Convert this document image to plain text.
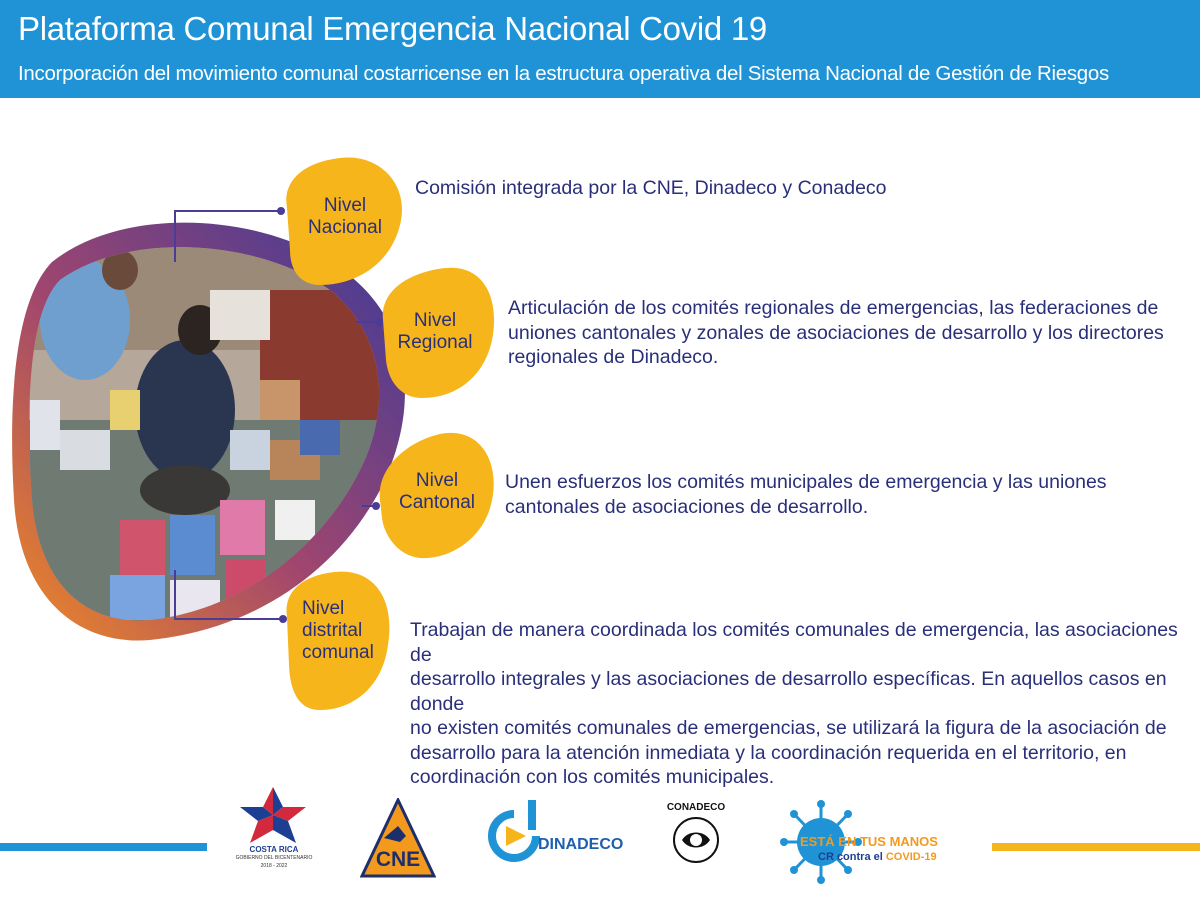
Plataforma Comunal Emergencia Nacional Covid 19
Incorporación del movimiento comunal costarricense en la estructura operativa del Sistema Nacional de Gestión de Riesgos
Nivel
Nacional
Nivel
Regional
Nivel
Cantonal
Nivel
distrital
comunal
Comisión integrada por la CNE, Dinadeco y Conadeco
Articulación de los comités regionales de emergencias, las federaciones de
uniones cantonales y zonales de asociaciones de desarrollo y los directores
regionales de Dinadeco.
Unen esfuerzos los comités municipales de emergencia y las uniones
cantonales de asociaciones de desarrollo.
Trabajan de manera coordinada los comités comunales de emergencia, las asociaciones de
desarrollo integrales y las asociaciones de desarrollo específicas. En aquellos casos en donde
no existen comités comunales de emergencias, se utilizará la figura de la asociación de
desarrollo para la atención inmediata y la coordinación requerida en el territorio, en
coordinación con los comités municipales.
COSTA RICA
GOBIERNO DEL BICENTENARIO
2018 - 2022	CNE
DINADECO
CONADECO
ESTÁ EN TUS MANOS
CR contra el COVID-19
